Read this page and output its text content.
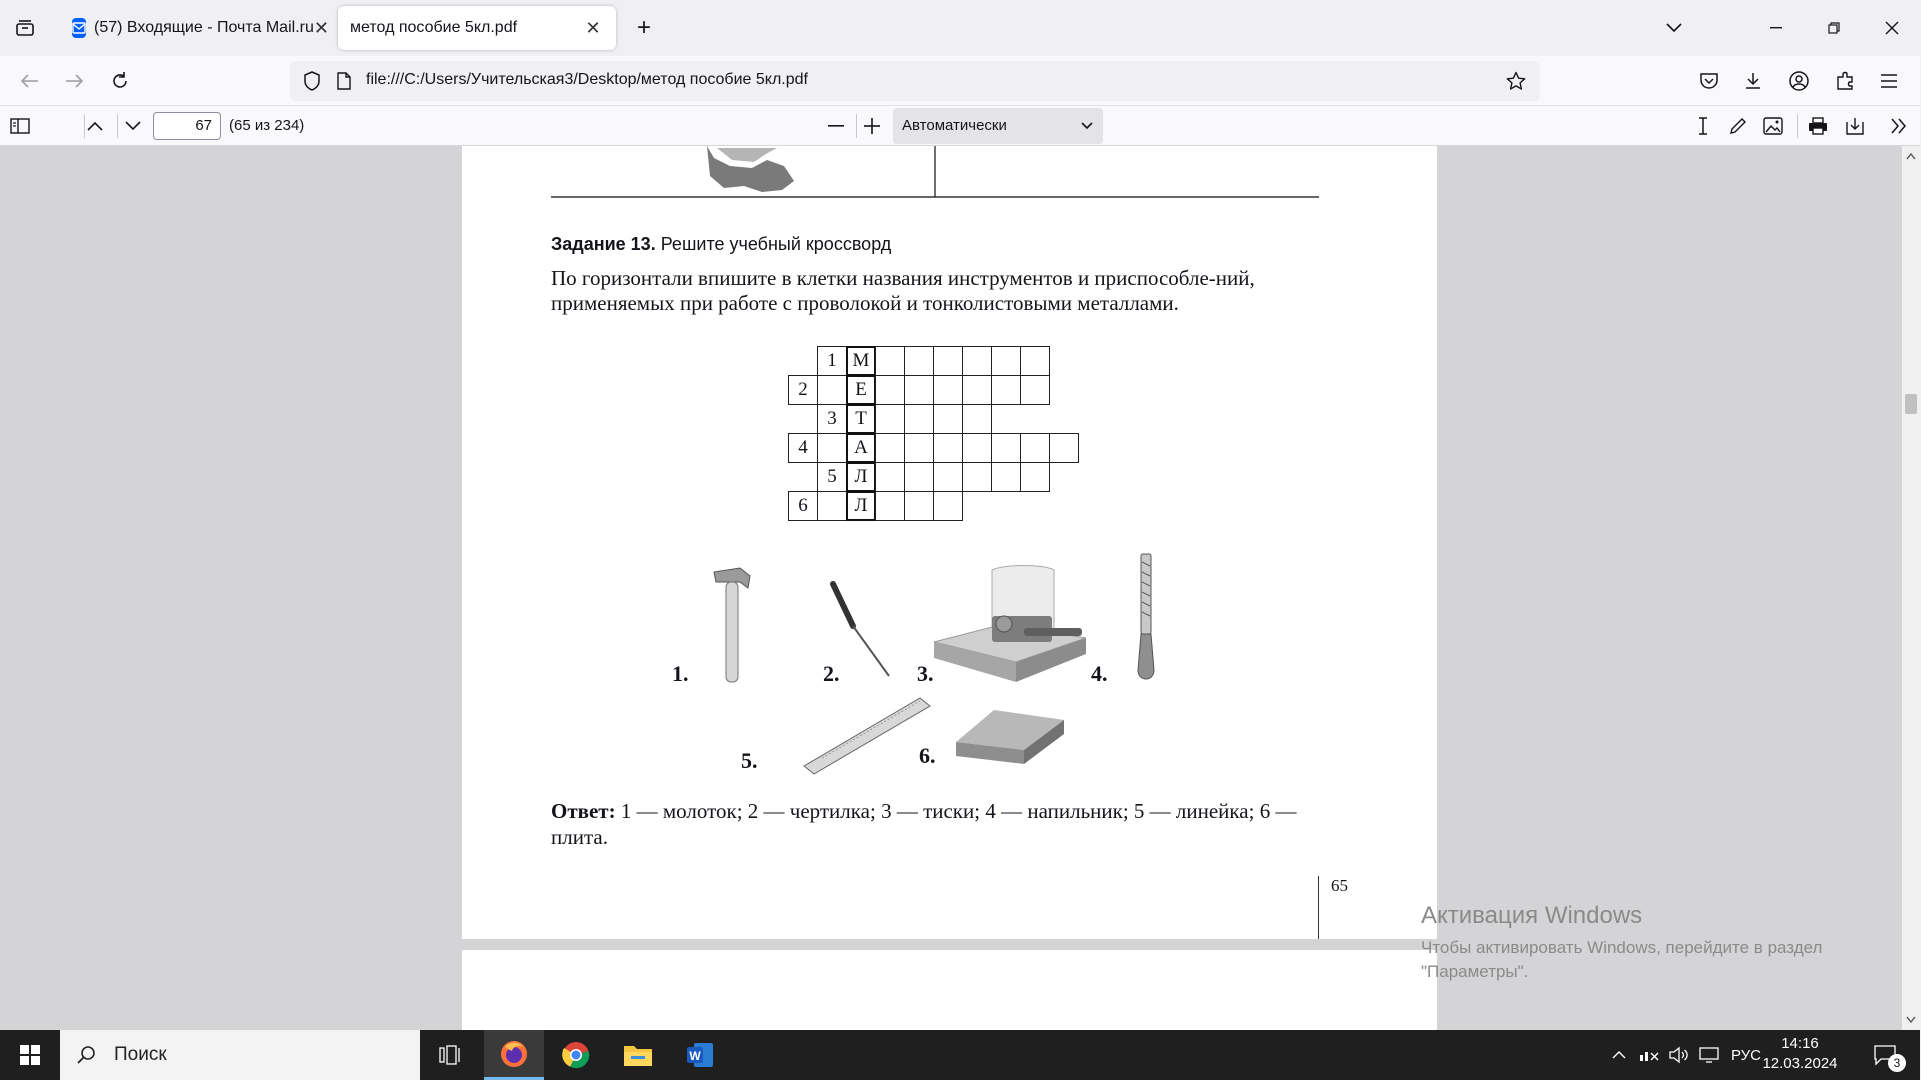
(57) Входящие - Почта Mail.ru ✕ метод пособие 5кл.pdf	✕	+
file:///C:/Users/Учительская3/Desktop/метод пособие 5кл.pdf
67	(65 из 234)	Автоматически
Задание 13. Решите учебный кроссворд
По горизонтали впишите в клетки названия инструментов и приспособле-ний, применяемых при работе с проволокой и тонколистовыми металлами.
1 М
2	Е
3 Т
4	А
5 Л
6	Л
1.	2.	3.	4.
5.	6.
Ответ: 1 — молоток; 2 — чертилка; 3 — тиски; 4 — напильник; 5 — линейка; 6 — плита.
65
Активация Windows
Чтобы активировать Windows, перейдите в раздел "Параметры".
Поиск	W	РУС
14:16
12.03.2024	3
